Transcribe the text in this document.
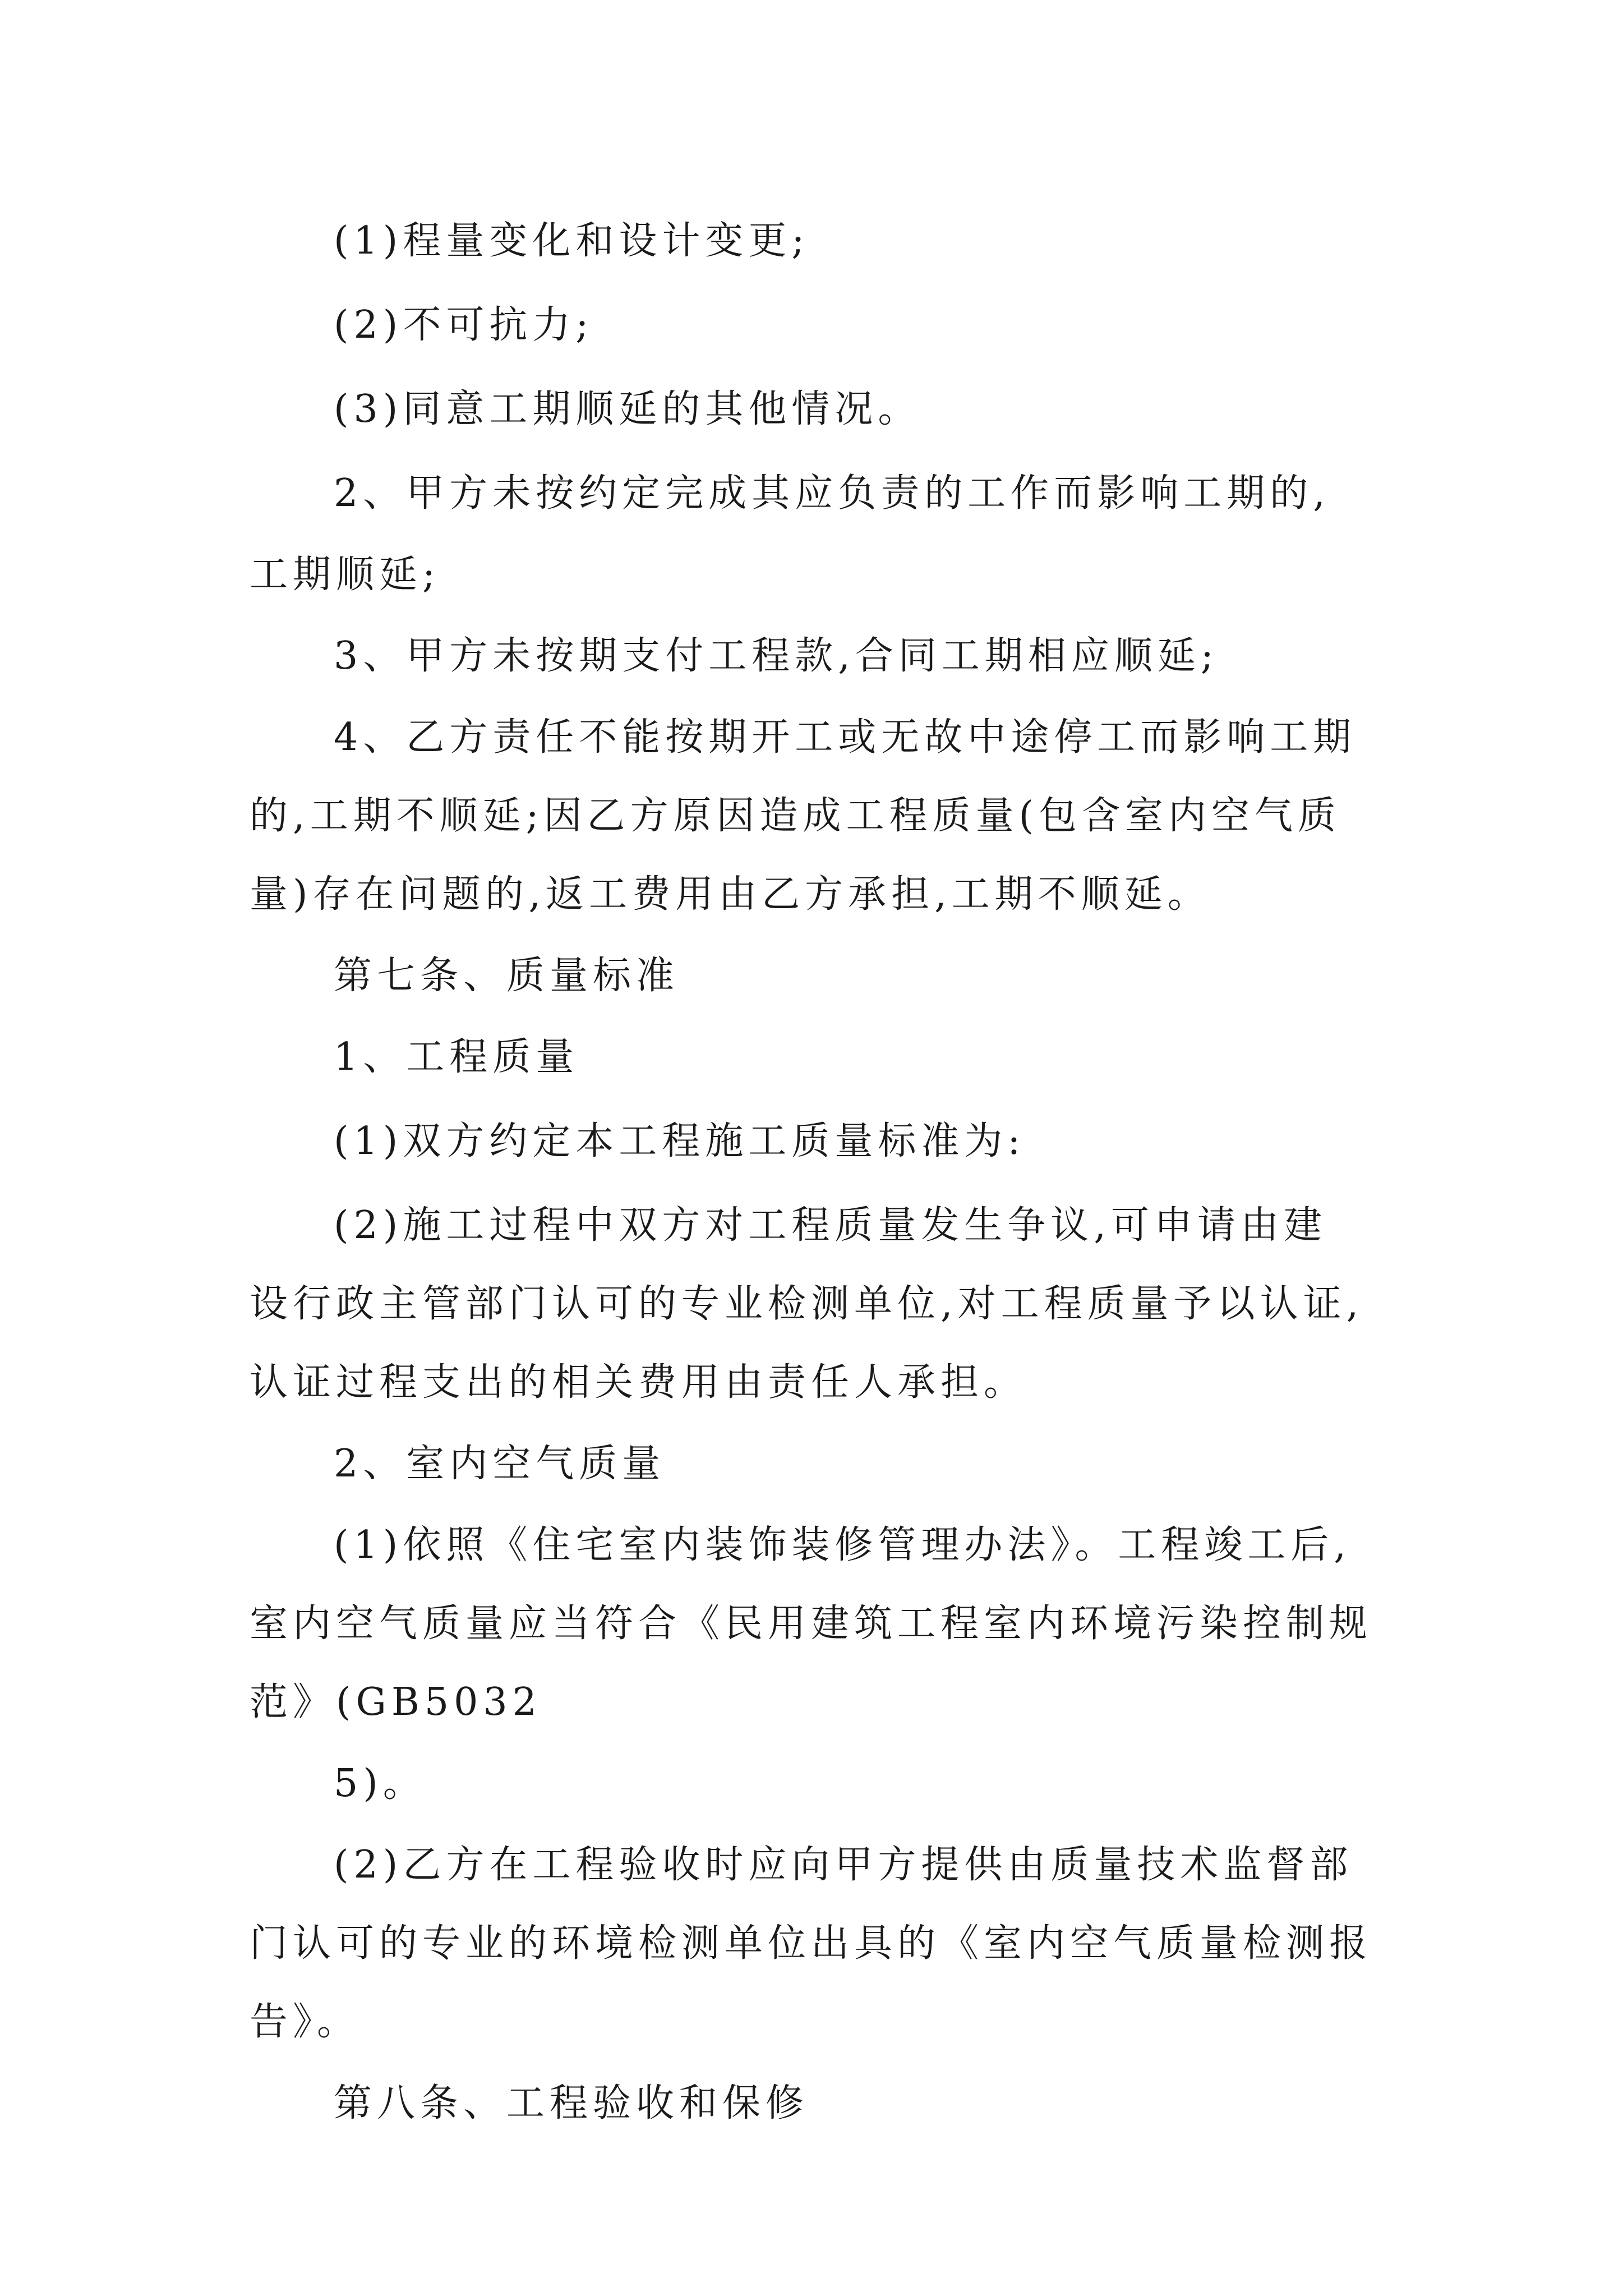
(1)程量变化和设计变更;
(2)不可抗力;
(3)同意工期顺延的其他情况。
2、甲方未按约定完成其应负责的工作而影响工期的,
工期顺延;
3、甲方未按期支付工程款,合同工期相应顺延;
4、乙方责任不能按期开工或无故中途停工而影响工期
的,工期不顺延;因乙方原因造成工程质量(包含室内空气质
量)存在问题的,返工费用由乙方承担,工期不顺延。
第七条、质量标准
1、工程质量
(1)双方约定本工程施工质量标准为:
(2)施工过程中双方对工程质量发生争议,可申请由建
设行政主管部门认可的专业检测单位,对工程质量予以认证,
认证过程支出的相关费用由责任人承担。
2、室内空气质量
(1)依照《住宅室内装饰装修管理办法》。工程竣工后,
室内空气质量应当符合《民用建筑工程室内环境污染控制规
范》(GB5032
5)。
(2)乙方在工程验收时应向甲方提供由质量技术监督部
门认可的专业的环境检测单位出具的《室内空气质量检测报
告》。
第八条、工程验收和保修
